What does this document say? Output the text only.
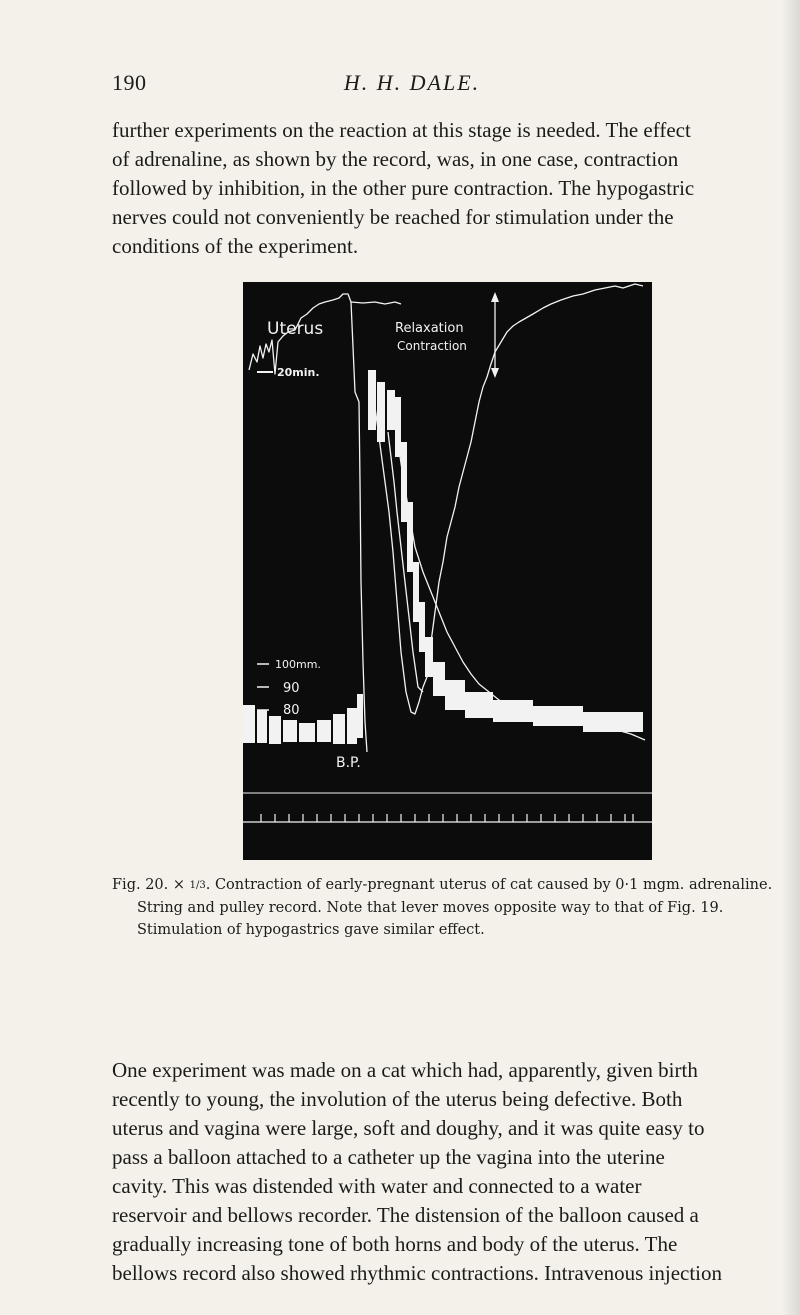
190	H. H. DALE.

further experiments on the reaction at this stage is needed. The effect
of adrenaline, as shown by the record, was, in one case, contraction
followed by inhibition, in the other pure contraction. The hypogastric
nerves could not conveniently be reached for stimulation under the
conditions of the experiment.

Uterus	Relaxation
Contraction
20min.
100mm.
90
80
B.P.

Fig. 20. × 1/3. Contraction of early-pregnant uterus of cat caused by 0·1 mgm. adrenaline.
String and pulley record. Note that lever moves opposite way to that of Fig. 19.
Stimulation of hypogastrics gave similar effect.

One experiment was made on a cat which had, apparently, given birth
recently to young, the involution of the uterus being defective. Both
uterus and vagina were large, soft and doughy, and it was quite easy to
pass a balloon attached to a catheter up the vagina into the uterine
cavity. This was distended with water and connected to a water
reservoir and bellows recorder. The distension of the balloon caused a
gradually increasing tone of both horns and body of the uterus. The
bellows record also showed rhythmic contractions. Intravenous injection
